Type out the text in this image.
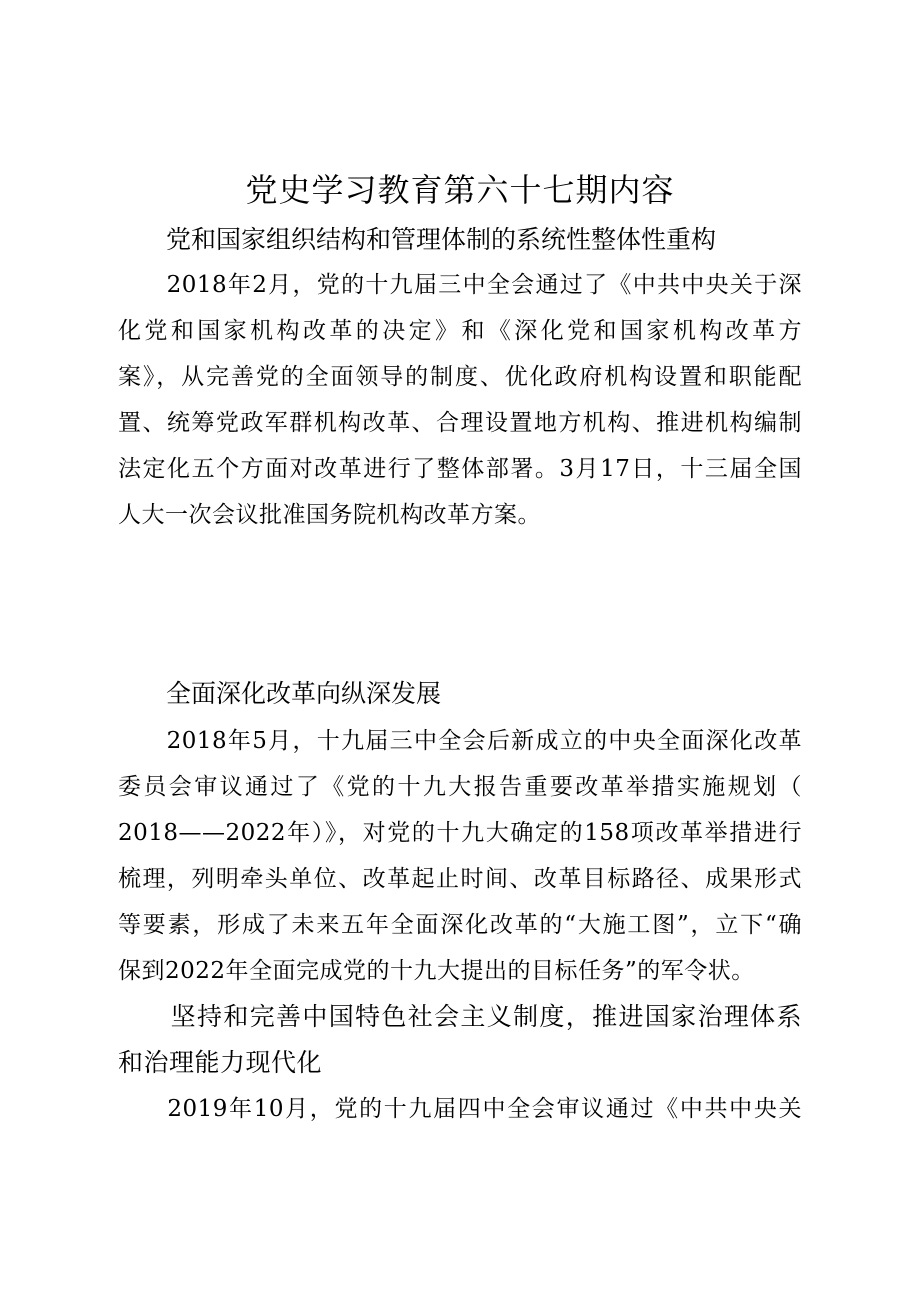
党史学习教育第六十七期内容
党和国家组织结构和管理体制的系统性整体性重构
　　2018年2月，党的十九届三中全会通过了《中共中央关于深
化党和国家机构改革的决定》和《深化党和国家机构改革方
案》，从完善党的全面领导的制度、优化政府机构设置和职能配
置、统筹党政军群机构改革、合理设置地方机构、推进机构编制
法定化五个方面对改革进行了整体部署。3月17日，十三届全国
人大一次会议批准国务院机构改革方案。
全面深化改革向纵深发展
　　2018年5月，十九届三中全会后新成立的中央全面深化改革
委员会审议通过了《党的十九大报告重要改革举措实施规划（
2018——2022年）》，对党的十九大确定的158项改革举措进行
梳理，列明牵头单位、改革起止时间、改革目标路径、成果形式
等要素，形成了未来五年全面深化改革的“大施工图”，立下“确
保到2022年全面完成党的十九大提出的目标任务”的军令状。
　　坚持和完善中国特色社会主义制度，推进国家治理体系
和治理能力现代化
　　2019年10月，党的十九届四中全会审议通过《中共中央关
